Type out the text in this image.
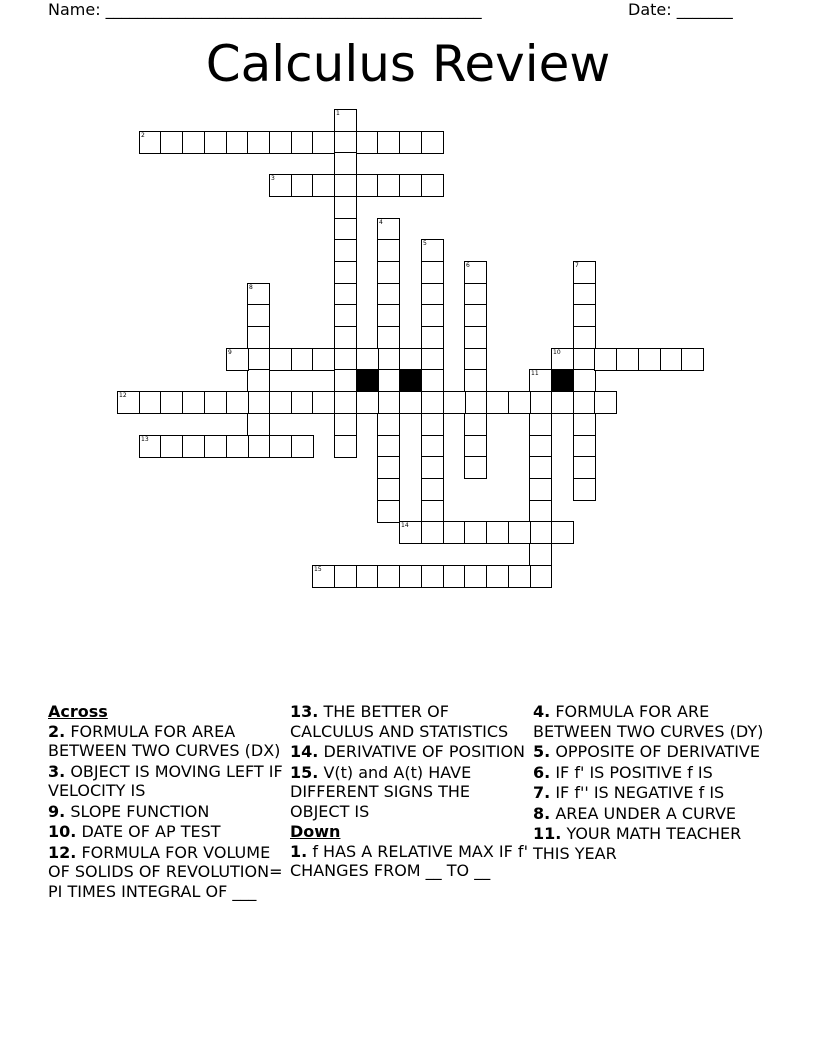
Name: _______________________________________________	Date: _______
Calculus Review
1
2
3
4
5
6	7
8
9	10
11
12
13
14
15
Across
2. FORMULA FOR AREA BETWEEN TWO CURVES (DX)
3. OBJECT IS MOVING LEFT IF VELOCITY IS
9. SLOPE FUNCTION
10. DATE OF AP TEST
12. FORMULA FOR VOLUME OF SOLIDS OF REVOLUTION= PI TIMES INTEGRAL OF ___
13. THE BETTER OF CALCULUS AND STATISTICS
14. DERIVATIVE OF POSITION
15. V(t) and A(t) HAVE DIFFERENT SIGNS THE OBJECT IS
Down
1. f HAS A RELATIVE MAX IF f' CHANGES FROM __ TO __
4. FORMULA FOR ARE BETWEEN TWO CURVES (DY)
5. OPPOSITE OF DERIVATIVE
6. IF f' IS POSITIVE f IS
7. IF f'' IS NEGATIVE f IS
8. AREA UNDER A CURVE
11. YOUR MATH TEACHER THIS YEAR
